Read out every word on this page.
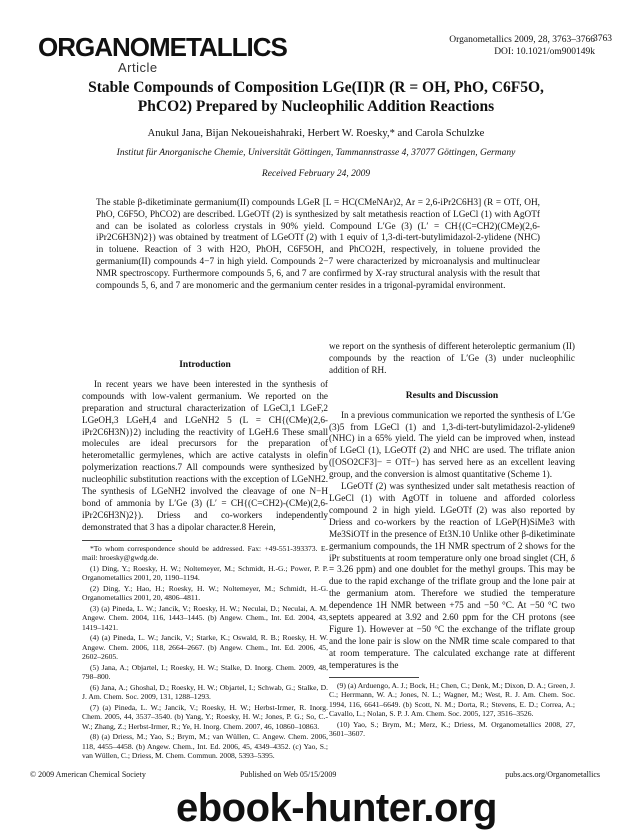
ORGANOMETALLICS
Article
Organometallics 2009, 28, 3763–3766
3763
DOI: 10.1021/om900149k
Stable Compounds of Composition LGe(II)R (R = OH, PhO, C6F5O, PhCO2) Prepared by Nucleophilic Addition Reactions
Anukul Jana, Bijan Nekoueishahraki, Herbert W. Roesky,* and Carola Schulzke
Institut für Anorganische Chemie, Universität Göttingen, Tammannstrasse 4, 37077 Göttingen, Germany
Received February 24, 2009
The stable β-diketiminate germanium(II) compounds LGeR [L = HC(CMeNAr)2, Ar = 2,6-iPr2C6H3] (R = OTf, OH, PhO, C6F5O, PhCO2) are described. LGeOTf (2) is synthesized by salt metathesis reaction of LGeCl (1) with AgOTf and can be isolated as colorless crystals in 90% yield. Compound L′Ge (3) (L′ = CH{(C=CH2)(CMe)(2,6-iPr2C6H3N)2}) was obtained by treatment of LGeOTf (2) with 1 equiv of 1,3-di-tert-butylimidazol-2-ylidene (NHC) in toluene. Reaction of 3 with H2O, PhOH, C6F5OH, and PhCO2H, respectively, in toluene provided the germanium(II) compounds 4−7 in high yield. Compounds 2−7 were characterized by microanalysis and multinuclear NMR spectroscopy. Furthermore compounds 5, 6, and 7 are confirmed by X-ray structural analysis with the result that compounds 5, 6, and 7 are monomeric and the germanium center resides in a trigonal-pyramidal environment.
Introduction

In recent years we have been interested in the synthesis of compounds with low-valent germanium. We reported on the preparation and structural characterization of LGeCl,1 LGeF,2 LGeOH,3 LGeH,4 and LGeNH2 5 (L = CH{(CMe)(2,6-iPr2C6H3N)}2) including the reactivity of LGeH.6 These small molecules are ideal precursors for the preparation of heterometallic germylenes, which are active catalysts in olefin polymerization reactions.7 All compounds were synthesized by nucleophilic substitution reactions with the exception of LGeNH2. The synthesis of LGeNH2 involved the cleavage of one N−H bond of ammonia by L′Ge (3) (L′ = CH{(C=CH2)-(CMe)(2,6-iPr2C6H3N)2}). Driess and co-workers independently demonstrated that 3 has a dipolar character.8 Herein,

*To whom correspondence should be addressed. Fax: +49-551-393373. E-mail: hroesky@gwdg.de.

(1) Ding, Y.; Roesky, H. W.; Noltemeyer, M.; Schmidt, H.-G.; Power, P. P. Organometallics 2001, 20, 1190–1194.

(2) Ding, Y.; Hao, H.; Roesky, H. W.; Noltemeyer, M.; Schmidt, H.-G. Organometallics 2001, 20, 4806–4811.

(3) (a) Pineda, L. W.; Jancik, V.; Roesky, H. W.; Neculai, D.; Neculai, A. M. Angew. Chem. 2004, 116, 1443–1445. (b) Angew. Chem., Int. Ed. 2004, 43, 1419–1421.

(4) (a) Pineda, L. W.; Jancik, V.; Starke, K.; Oswald, R. B.; Roesky, H. W. Angew. Chem. 2006, 118, 2664–2667. (b) Angew. Chem., Int. Ed. 2006, 45, 2602–2605.

(5) Jana, A.; Objartel, I.; Roesky, H. W.; Stalke, D. Inorg. Chem. 2009, 48, 798–800.

(6) Jana, A.; Ghoshal, D.; Roesky, H. W.; Objartel, I.; Schwab, G.; Stalke, D. J. Am. Chem. Soc. 2009, 131, 1288–1293.

(7) (a) Pineda, L. W.; Jancik, V.; Roesky, H. W.; Herbst-Irmer, R. Inorg. Chem. 2005, 44, 3537–3540. (b) Yang, Y.; Roesky, H. W.; Jones, P. G.; So, C.-W.; Zhang, Z.; Herbst-Irmer, R.; Ye, H. Inorg. Chem. 2007, 46, 10860–10863.

(8) (a) Driess, M.; Yao, S.; Brym, M.; van Wüllen, C. Angew. Chem. 2006, 118, 4455–4458. (b) Angew. Chem., Int. Ed. 2006, 45, 4349–4352. (c) Yao, S.; van Wüllen, C.; Driess, M. Chem. Commun. 2008, 5393–5395.

we report on the synthesis of different heteroleptic germanium (II) compounds by the reaction of L′Ge (3) under nucleophilic addition of RH.

Results and Discussion

In a previous communication we reported the synthesis of L′Ge (3)5 from LGeCl (1) and 1,3-di-tert-butylimidazol-2-ylidene9 (NHC) in a 65% yield. The yield can be improved when, instead of LGeCl (1), LGeOTf (2) and NHC are used. The triflate anion ([OSO2CF3]− = OTf−) has served here as an excellent leaving group, and the conversion is almost quantitative (Scheme 1).

LGeOTf (2) was synthesized under salt metathesis reaction of LGeCl (1) with AgOTf in toluene and afforded colorless compound 2 in high yield. LGeOTf (2) was also reported by Driess and co-workers by the reaction of LGeP(H)SiMe3 with Me3SiOTf in the presence of Et3N.10 Unlike other β-diketiminate germanium compounds, the 1H NMR spectrum of 2 shows for the iPr substituents at room temperature only one broad singlet (CH, δ = 3.26 ppm) and one doublet for the methyl groups. This may be due to the rapid exchange of the triflate group and the lone pair at the germanium atom. Therefore we studied the temperature dependence 1H NMR between +75 and −50 °C. At −50 °C two septets appeared at 3.92 and 2.60 ppm for the CH protons (see Figure 1). However at −50 °C the exchange of the triflate group and the lone pair is slow on the NMR time scale compared to that at room temperature. The calculated exchange rate at different temperatures is the

(9) (a) Arduengo, A. J.; Bock, H.; Chen, C.; Denk, M.; Dixon, D. A.; Green, J. C.; Herrmann, W. A.; Jones, N. L.; Wagner, M.; West, R. J. Am. Chem. Soc. 1994, 116, 6641–6649. (b) Scott, N. M.; Dorta, R.; Stevens, E. D.; Correa, A.; Cavallo, L.; Nolan, S. P. J. Am. Chem. Soc. 2005, 127, 3516–3526.

(10) Yao, S.; Brym, M.; Merz, K.; Driess, M. Organometallics 2008, 27, 3601–3607.

© 2009 American Chemical Society	Published on Web 05/15/2009	pubs.acs.org/Organometallics
ebook-hunter.org
